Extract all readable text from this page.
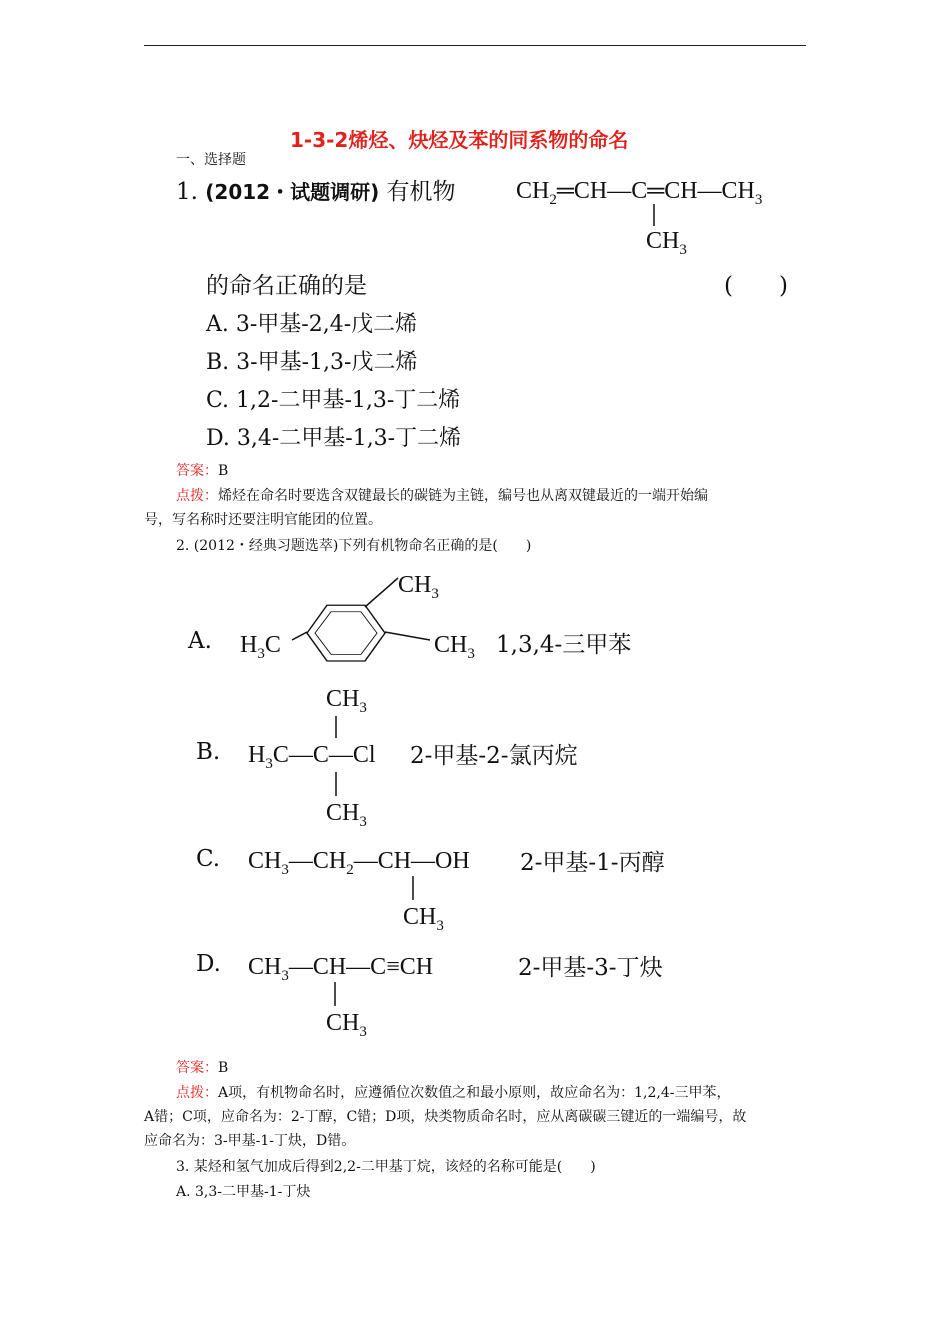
1-3-2烯烃、炔烃及苯的同系物的命名
一、选择题
1. (2012・试题调研) 有机物	$CH_2═CH—C═CH—CH_3$
$CH_3$
的命名正确的是	(　　)
A. 3-甲基-2,4-戊二烯
B. 3-甲基-1,3-戊二烯
C. 1,2-二甲基-1,3-丁二烯
D. 3,4-二甲基-1,3-丁二烯
答案：B
点拨：烯烃在命名时要选含双键最长的碳链为主链，编号也从离双键最近的一端开始编
号，写名称时还要注明官能团的位置。
2. (2012・经典习题选萃)下列有机物命名正确的是(　　)
A.
$CH_3$
$H_3C$	$CH_3$ 1,3,4-三甲苯
B.
$CH_3$
$H_3C—C—Cl$
$CH_3$
2-甲基-2-氯丙烷
C. $CH_3—CH_2—CH—OH$
$CH_3$
2-甲基-1-丙醇
D. $CH_3—CH—C\equiv CH$
$CH_3$
2-甲基-3-丁炔
答案：B
点拨：A项，有机物命名时，应遵循位次数值之和最小原则，故应命名为：1,2,4-三甲苯，
A错；C项，应命名为：2-丁醇，C错；D项，炔类物质命名时，应从离碳碳三键近的一端编号，故
应命名为：3-甲基-1-丁炔，D错。
3. 某烃和氢气加成后得到2,2-二甲基丁烷，该烃的名称可能是(　　)
A. 3,3-二甲基-1-丁炔
